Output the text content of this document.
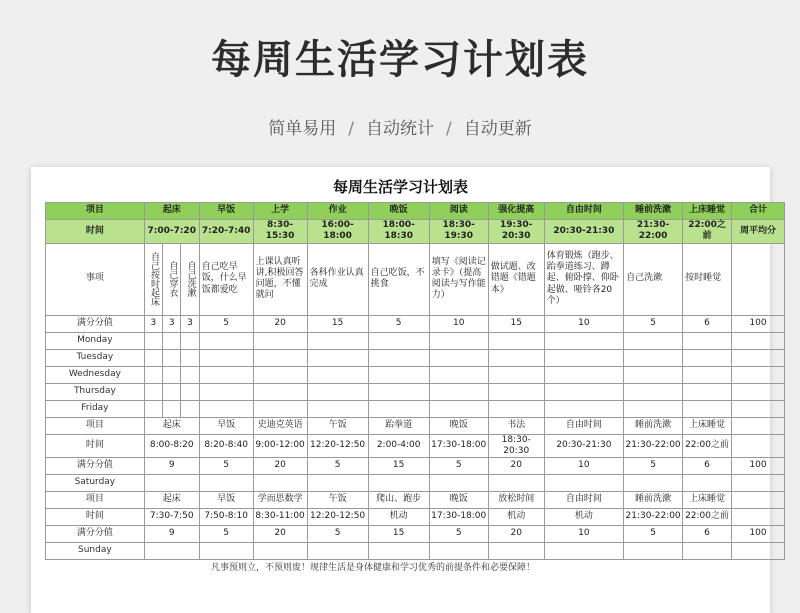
每周生活学习计划表
简单易用 / 自动统计 / 自动更新
每周生活学习计划表
项目	起床			早饭	上学	作业	晚饭	阅读	强化提高	自由时间	睡前洗漱	上床睡觉	合计
时间	7:00-7:20			7:20-7:40	8:30-15:30	16:00-18:00	18:00-18:30	18:30-19:30	19:30-20:30	20:30-21:30	21:30-22:00	22:00之前	周平均分
事项	自己按时起床	自己穿衣	自己洗漱	自己吃早饭，什么早饭都爱吃	上课认真听讲,积极回答问题，不懂就问	各科作业认真完成	自己吃饭，不挑食	填写《阅读记录卡》（提高阅读与写作能力）	做试题、改错题《错题本》	体育锻炼（跑步、跆拳道练习、蹲起、俯卧撑、仰卧起做、哑铃各20个）	自己洗漱	按时睡觉	
满分分值	3	3	3	5	20	15	5	10	15	10	5	6	100
Monday													
Tuesday													
Wednesday													
Thursday													
Friday													
项目	起床			早饭	史迪克英语	午饭	跆拳道	晚饭	书法	自由时间	睡前洗漱	上床睡觉	
时间	8:00-8:20			8:20-8:40	9:00-12:00	12:20-12:50	2:00-4:00	17:30-18:00	18:30-20:30	20:30-21:30	21:30-22:00	22:00之前	
满分分值	9			5	20	5	15	5	20	10	5	6	100
Saturday													
项目	起床			早饭	学而思数学	午饭	爬山、跑步	晚饭	放松时间	自由时间	睡前洗漱	上床睡觉	
时间	7:30-7:50			7:50-8:10	8:30-11:00	12:20-12:50	机动	17:30-18:00	机动	机动	21:30-22:00	22:00之前	
满分分值	9			5	20	5	15	5	20	10	5	6	100
Sunday													
凡事预则立，不预则废！规律生活是身体健康和学习优秀的前提条件和必要保障！
